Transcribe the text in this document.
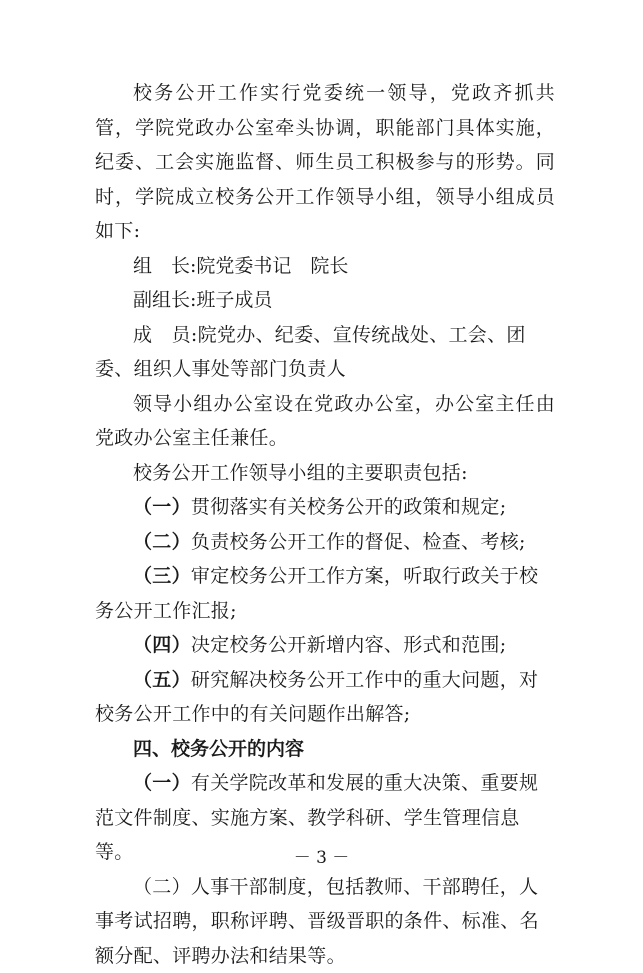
校务公开工作实行党委统一领导，党政齐抓共管，学院党政办公室牵头协调，职能部门具体实施，纪委、工会实施监督、师生员工积极参与的形势。同时，学院成立校务公开工作领导小组，领导小组成员如下:

组　长:院党委书记　院长

副组长:班子成员

成　员:院党办、纪委、宣传统战处、工会、团委、组织人事处等部门负责人

领导小组办公室设在党政办公室，办公室主任由党政办公室主任兼任。

校务公开工作领导小组的主要职责包括:

（一）贯彻落实有关校务公开的政策和规定;

（二）负责校务公开工作的督促、检查、考核;

（三）审定校务公开工作方案，听取行政关于校务公开工作汇报;

（四）决定校务公开新增内容、形式和范围;

（五）研究解决校务公开工作中的重大问题，对校务公开工作中的有关问题作出解答;

四、校务公开的内容

（一）有关学院改革和发展的重大决策、重要规范文件制度、实施方案、教学科研、学生管理信息等。

（二）人事干部制度，包括教师、干部聘任，人事考试招聘，职称评聘、晋级晋职的条件、标准、名额分配、评聘办法和结果等。

－ 3 －
